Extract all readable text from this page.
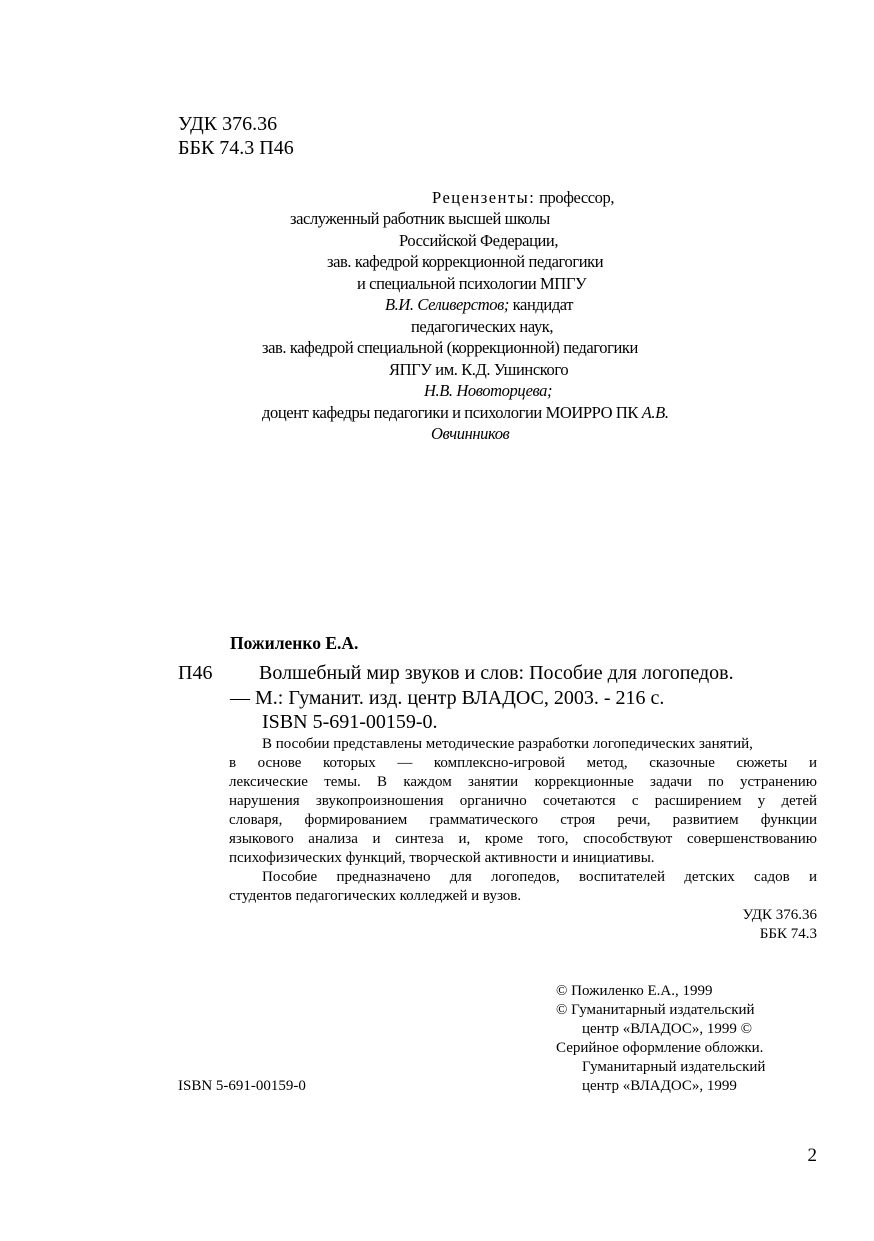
УДК 376.36
ББК 74.3 П46
Рецензенты: профессор,
заслуженный работник высшей школы
Российской Федерации,
зав. кафедрой коррекционной педагогики
и специальной психологии МПГУ
В.И. Селиверстов; кандидат
педагогических наук,
зав. кафедрой специальной (коррекционной) педагогики
ЯПГУ им. К.Д. Ушинского
Н.В. Новоторцева;
доцент кафедры педагогики и психологии МОИРРО ПК А.В.
Овчинников
Пожиленко Е.А.
П46 Волшебный мир звуков и слов: Пособие для логопедов.
— М.: Гуманит. изд. центр ВЛАДОС, 2003. - 216 с.
ISBN 5-691-00159-0.
В пособии представлены методические разработки логопедических занятий,
в основе которых — комплексно-игровой метод, сказочные сюжеты и
лексические темы. В каждом занятии коррекционные задачи по устранению
нарушения звукопроизношения органично сочетаются с расширением у детей
словаря, формированием грамматического строя речи, развитием функции
языкового анализа и синтеза и, кроме того, способствуют совершенствованию
психофизических функций, творческой активности и инициативы.
Пособие предназначено для логопедов, воспитателей детских садов и
студентов педагогических колледжей и вузов.
УДК 376.36
ББК 74.3
© Пожиленко Е.А., 1999
© Гуманитарный издательский
центр «ВЛАДОС», 1999 ©
Серийное оформление обложки.
Гуманитарный издательский
центр «ВЛАДОС», 1999
ISBN 5-691-00159-0
2
